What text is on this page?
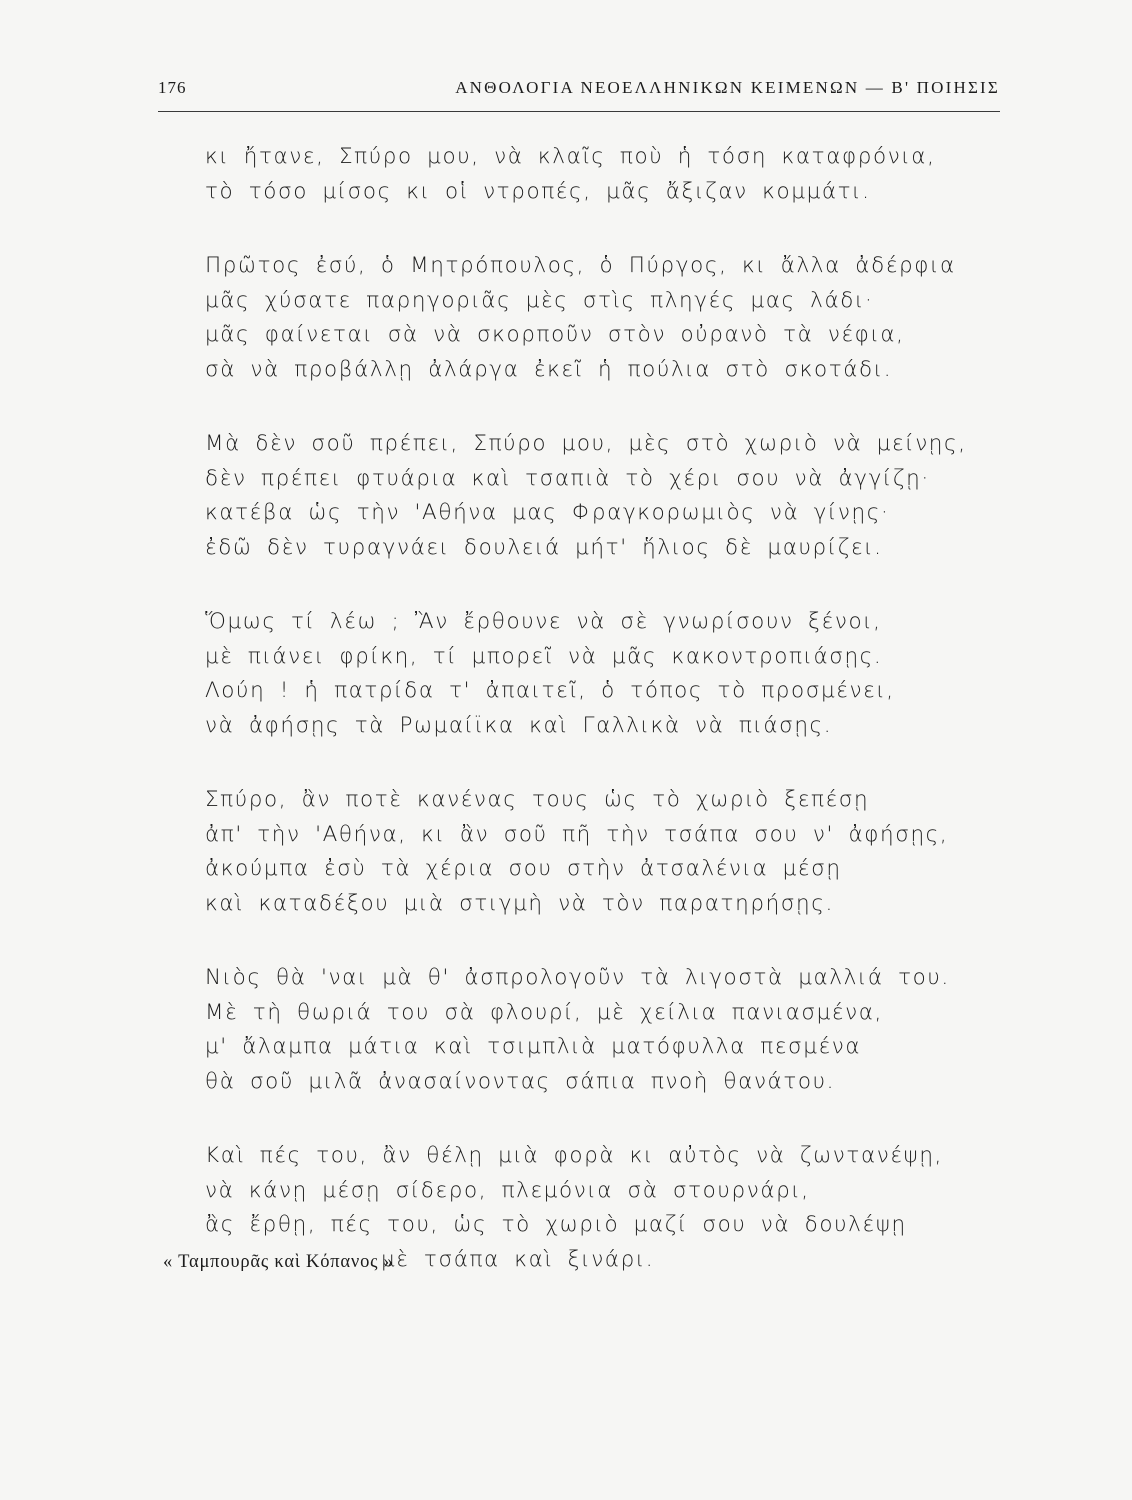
176	ΑΝΘΟΛΟΓΙΑ ΝΕΟΕΛΛΗΝΙΚΩΝ ΚΕΙΜΕΝΩΝ — Β' ΠΟΙΗΣΙΣ
κι ἤτανε, Σπύρο μου, νὰ κλαῖς ποὺ ἡ τόση καταφρόνια,
τὸ τόσο μίσος κι οἱ ντροπές, μᾶς ἄξιζαν κομμάτι.
Πρῶτος ἐσύ, ὁ Μητρόπουλος, ὁ Πύργος, κι ἄλλα ἀδέρφια
μᾶς χύσατε παρηγοριᾶς μὲς στὶς πληγές μας λάδι·
μᾶς φαίνεται σὰ νὰ σκορποῦν στὸν οὐρανὸ τὰ νέφια,
σὰ νὰ προβάλλῃ ἀλάργα ἐκεῖ ἡ πούλια στὸ σκοτάδι.
Μὰ δὲν σοῦ πρέπει, Σπύρο μου, μὲς στὸ χωριὸ νὰ μείνῃς,
δὲν πρέπει φτυάρια καὶ τσαπιὰ τὸ χέρι σου νὰ ἀγγίζῃ·
κατέβα ὡς τὴν 'Αθήνα μας Φραγκορωμιὸς νὰ γίνῃς·
ἐδῶ δὲν τυραγνάει δουλειά μήτ' ἥλιος δὲ μαυρίζει.
Ὅμως τί λέω ; Ἂν ἔρθουνε νὰ σὲ γνωρίσουν ξένοι,
μὲ πιάνει φρίκη, τί μπορεῖ νὰ μᾶς κακοντροπιάσῃς.
Λούη ! ἡ πατρίδα τ' ἀπαιτεῖ, ὁ τόπος τὸ προσμένει,
νὰ ἀφήσῃς τὰ Ρωμαίϊκα καὶ Γαλλικὰ νὰ πιάσῃς.
Σπύρο, ἂν ποτὲ κανένας τους ὡς τὸ χωριὸ ξεπέσῃ
ἀπ' τὴν 'Αθήνα, κι ἂν σοῦ πῆ τὴν τσάπα σου ν' ἀφήσῃς,
ἀκούμπα ἐσὺ τὰ χέρια σου στὴν ἀτσαλένια μέσῃ
καὶ καταδέξου μιὰ στιγμὴ νὰ τὸν παρατηρήσῃς.
Νιὸς θὰ 'ναι μὰ θ' ἀσπρολογοῦν τὰ λιγοστὰ μαλλιά του.
Μὲ τὴ θωριά του σὰ φλουρί, μὲ χείλια πανιασμένα,
μ' ἄλαμπα μάτια καὶ τσιμπλιὰ ματόφυλλα πεσμένα
θὰ σοῦ μιλᾶ ἀνασαίνοντας σάπια πνοὴ θανάτου.
Καὶ πές του, ἂν θέλῃ μιὰ φορὰ κι αὐτὸς νὰ ζωντανέψῃ,
νὰ κάνῃ μέσῃ σίδερο, πλεμόνια σὰ στουρνάρι,
ἂς ἔρθῃ, πές του, ὡς τὸ χωριὸ μαζί σου νὰ δουλέψῃ
μὲ τσάπα καὶ ξινάρι.
« Ταμπουρᾶς καὶ Κόπανος »
